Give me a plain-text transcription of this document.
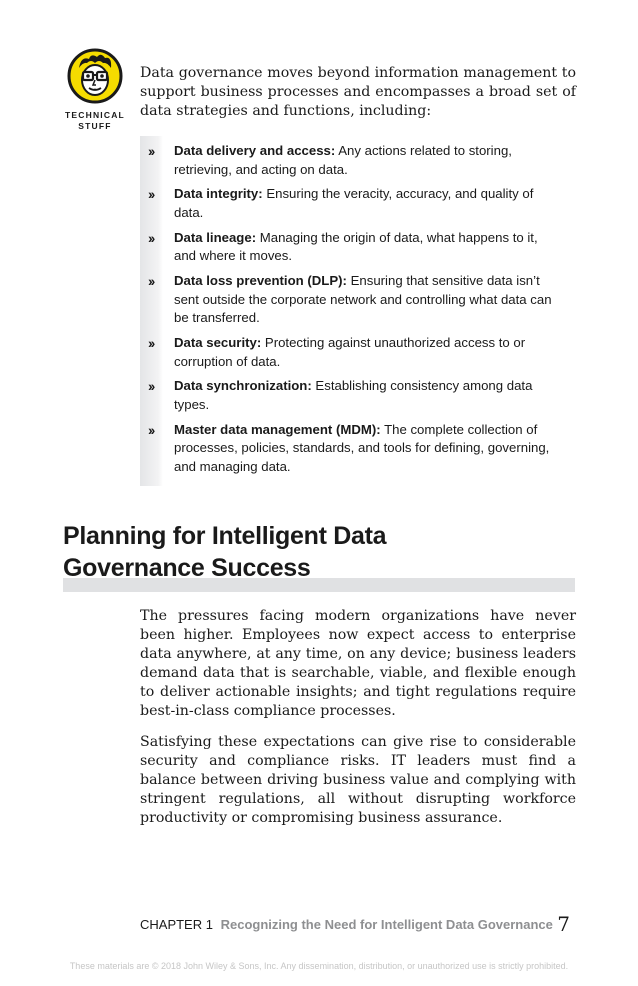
TECHNICAL
STUFF

Data governance moves beyond information management to support business processes and encompasses a broad set of data strategies and functions, including:

›› Data delivery and access: Any actions related to storing, retrieving, and acting on data.
›› Data integrity: Ensuring the veracity, accuracy, and quality of data.
›› Data lineage: Managing the origin of data, what happens to it, and where it moves.
›› Data loss prevention (DLP): Ensuring that sensitive data isn’t sent outside the corporate network and controlling what data can be transferred.
›› Data security: Protecting against unauthorized access to or corruption of data.
›› Data synchronization: Establishing consistency among data types.
›› Master data management (MDM): The complete collection of processes, policies, standards, and tools for defining, governing, and managing data.
Planning for Intelligent Data
Governance Success

The pressures facing modern organizations have never been higher. Employees now expect access to enterprise data anywhere, at any time, on any device; business leaders demand data that is searchable, viable, and flexible enough to deliver actionable insights; and tight regulations require best-in-class compliance processes.

Satisfying these expectations can give rise to considerable security and compliance risks. IT leaders must find a balance between driving business value and complying with stringent regulations, all without disrupting workforce productivity or compromising business assurance.

CHAPTER 1 Recognizing the Need for Intelligent Data Governance 7
These materials are © 2018 John Wiley & Sons, Inc. Any dissemination, distribution, or unauthorized use is strictly prohibited.
